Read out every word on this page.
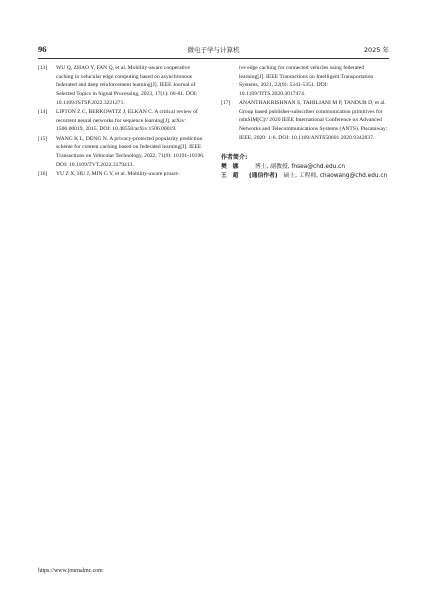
96	微电子学与计算机	2025 年
[13] WU Q, ZHAO Y, FAN Q, et al. Mobility-aware cooperative caching in vehicular edge computing based on asynchronous federated and deep reinforcement learning[J]. IEEE Journal of Selected Topics in Signal Processing, 2023, 17(1): 66-81. DOI: 10.1109/JSTSP.2022.3221271.
[14] LIPTON Z C, BERKOWITZ J, ELKAN C. A critical review of recurrent neural networks for sequence learning[J]. arXiv: 1506.00019, 2015. DOI: 10.48550/arXiv.1506.00019.
[15] WANG K L, DENG N. A privacy-protected popularity prediction scheme for content caching based on federated learning[J]. IEEE Transactions on Vehicular Technology, 2022, 71(9): 10191-10196. DOI: 10.1109/TVT.2022.3179413.
[16] YU Z X, HU J, MIN G Y, et al. Mobility-aware proact-
ive edge caching for connected vehicles using federated learning[J]. IEEE Transactions on Intelligent Transportation Systems, 2021, 22(8): 5341-5351. DOI: 10.1109/TITS.2020.3017474.
[17] ANANTHAKRISHNAN S, TAHILIANI M P, TANDUR D, et al. Group based publisher-subscriber communication primitives for ndnSIM[C]// 2020 IEEE International Conference on Advanced Networks and Telecommunications Systems (ANTS). Piscataway: IEEE, 2020: 1-6. DOI: 10.1109/ANTS50601.2020.9342837.
作者简介:
樊　娜	博士, 副教授, fnsea@chd.edu.cn
王　超	(通信作者) 硕士, 工程师, chaowang@chd.edu.cn
https://www.journalmc.com
